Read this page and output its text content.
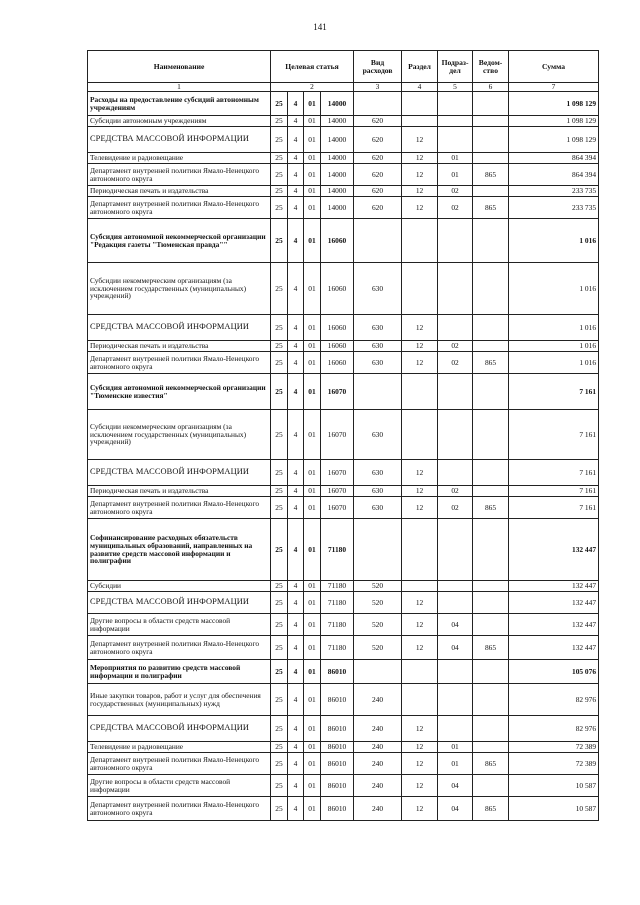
141
Наименование	Целевая статья				Вид расходов	Раздел	Подраз-дел	Ведом-ство	Сумма
1	2				3	4	5	6	7
Расходы на предоставление субсидий автономным учреждениям	25	4	01	14000					1 098 129
Субсидии автономным учреждениям	25	4	01	14000	620				1 098 129
СРЕДСТВА МАССОВОЙ ИНФОРМАЦИИ	25	4	01	14000	620	12			1 098 129
Телевидение и радиовещание	25	4	01	14000	620	12	01		864 394
Департамент внутренней политики Ямало-Ненецкого автономного округа	25	4	01	14000	620	12	01	865	864 394
Периодическая печать и издательства	25	4	01	14000	620	12	02		233 735
Департамент внутренней политики Ямало-Ненецкого автономного округа	25	4	01	14000	620	12	02	865	233 735
Субсидия автономной некоммерческой организации "Редакция газеты "Тюменская правда""	25	4	01	16060					1 016
Субсидии некоммерческим организациям (за исключением государственных (муниципальных) учреждений)	25	4	01	16060	630				1 016
СРЕДСТВА МАССОВОЙ ИНФОРМАЦИИ	25	4	01	16060	630	12			1 016
Периодическая печать и издательства	25	4	01	16060	630	12	02		1 016
Департамент внутренней политики Ямало-Ненецкого автономного округа	25	4	01	16060	630	12	02	865	1 016
Субсидия автономной некоммерческой организации "Тюменские известия"	25	4	01	16070					7 161
Субсидии некоммерческим организациям (за исключением государственных (муниципальных) учреждений)	25	4	01	16070	630				7 161
СРЕДСТВА МАССОВОЙ ИНФОРМАЦИИ	25	4	01	16070	630	12			7 161
Периодическая печать и издательства	25	4	01	16070	630	12	02		7 161
Департамент внутренней политики Ямало-Ненецкого автономного округа	25	4	01	16070	630	12	02	865	7 161
Софинансирование расходных обязательств муниципальных образований, направленных на развитие средств массовой информации и полиграфии	25	4	01	71180					132 447
Субсидии	25	4	01	71180	520				132 447
СРЕДСТВА МАССОВОЙ ИНФОРМАЦИИ	25	4	01	71180	520	12			132 447
Другие вопросы в области средств массовой информации	25	4	01	71180	520	12	04		132 447
Департамент внутренней политики Ямало-Ненецкого автономного округа	25	4	01	71180	520	12	04	865	132 447
Мероприятия по развитию средств массовой информации и полиграфии	25	4	01	86010					105 076
Иные закупки товаров, работ и услуг для обеспечения государственных (муниципальных) нужд	25	4	01	86010	240				82 976
СРЕДСТВА МАССОВОЙ ИНФОРМАЦИИ	25	4	01	86010	240	12			82 976
Телевидение и радиовещание	25	4	01	86010	240	12	01		72 389
Департамент внутренней политики Ямало-Ненецкого автономного округа	25	4	01	86010	240	12	01	865	72 389
Другие вопросы в области средств массовой информации	25	4	01	86010	240	12	04		10 587
Департамент внутренней политики Ямало-Ненецкого автономного округа	25	4	01	86010	240	12	04	865	10 587
